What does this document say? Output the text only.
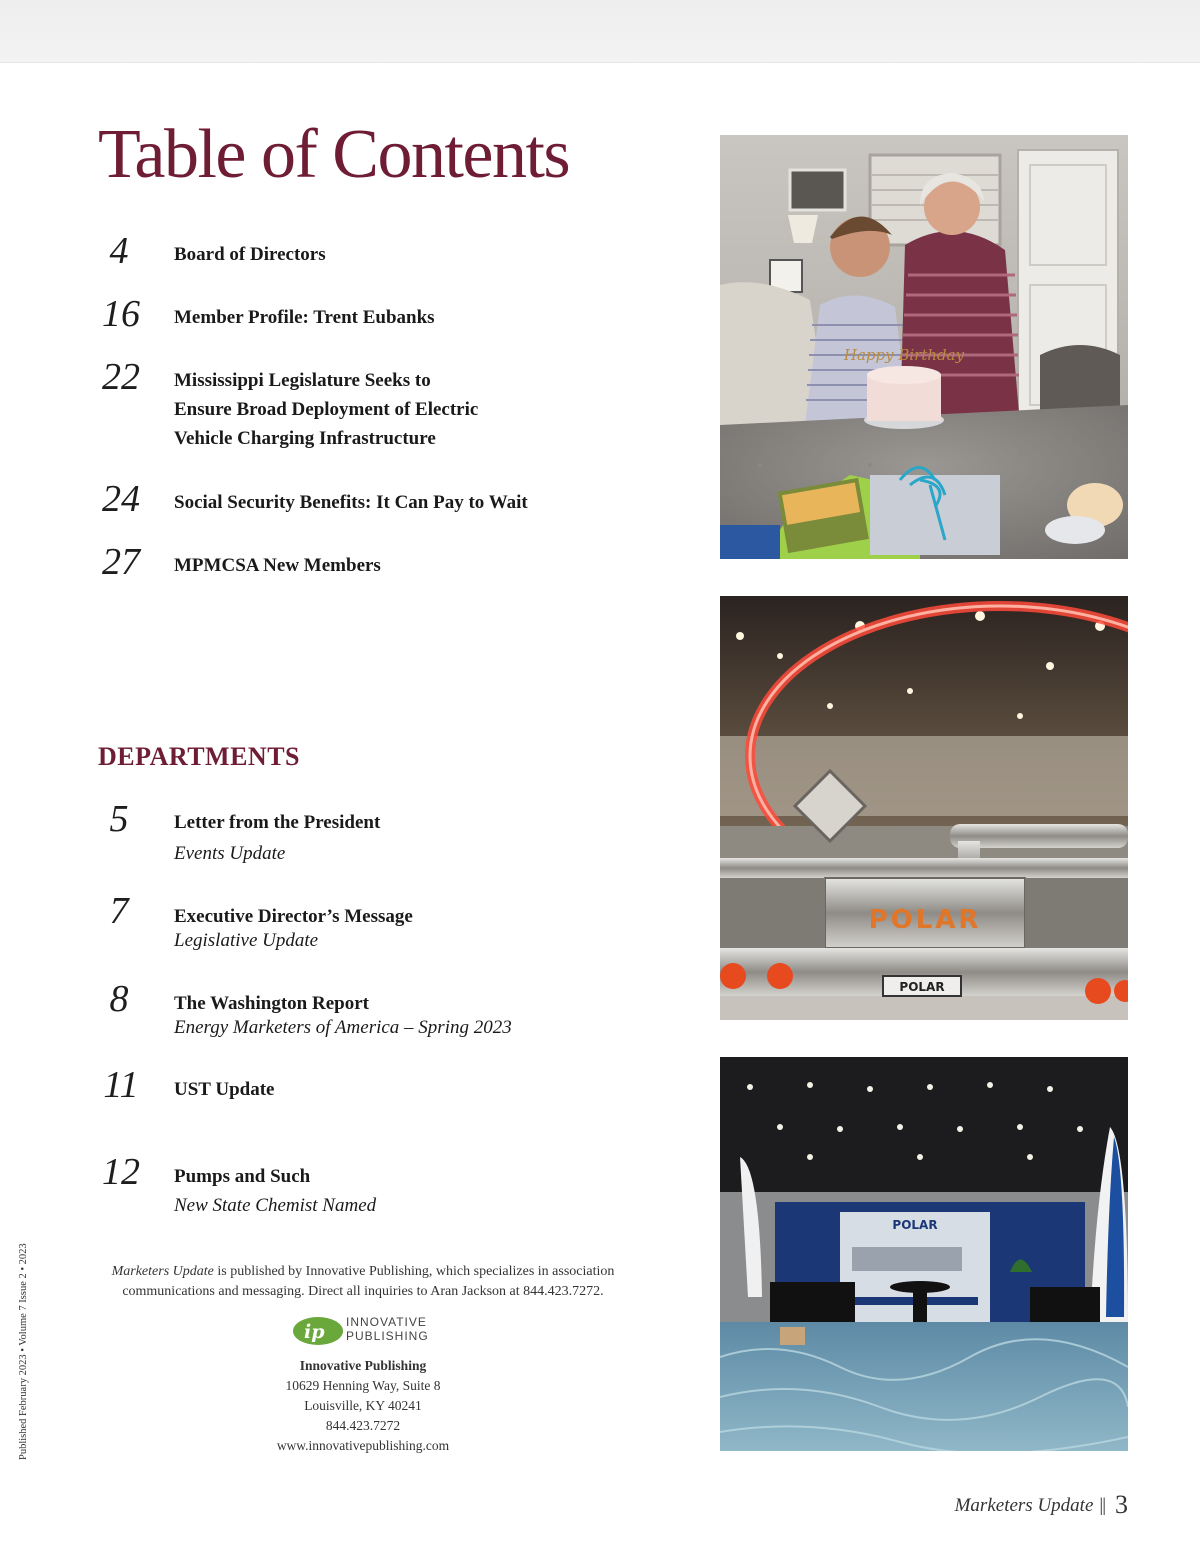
Table of Contents
4	Board of Directors
16	Member Profile: Trent Eubanks
22	Mississippi Legislature Seeks to
Ensure Broad Deployment of Electric
Vehicle Charging Infrastructure
24	Social Security Benefits: It Can Pay to Wait
27	MPMCSA New Members
DEPARTMENTS
5	Letter from the President
Events Update
7	Executive Director’s Message
Legislative Update
8	The Washington Report
Energy Marketers of America – Spring 2023
11	UST Update
12	Pumps and Such
New State Chemist Named
Published February 2023 • Volume 7 Issue 2 • 2023	Marketers Update is published by Innovative Publishing, which specializes in association
communications and messaging. Direct all inquiries to Aran Jackson at 844.423.7272.
ip INNOVATIVE
PUBLISHING
Innovative Publishing
10629 Henning Way, Suite 8
Louisville, KY 40241
844.423.7272
www.innovativepublishing.com
Happy Birthday
POLAR
POLAR
POLAR
Marketers Update || 3
